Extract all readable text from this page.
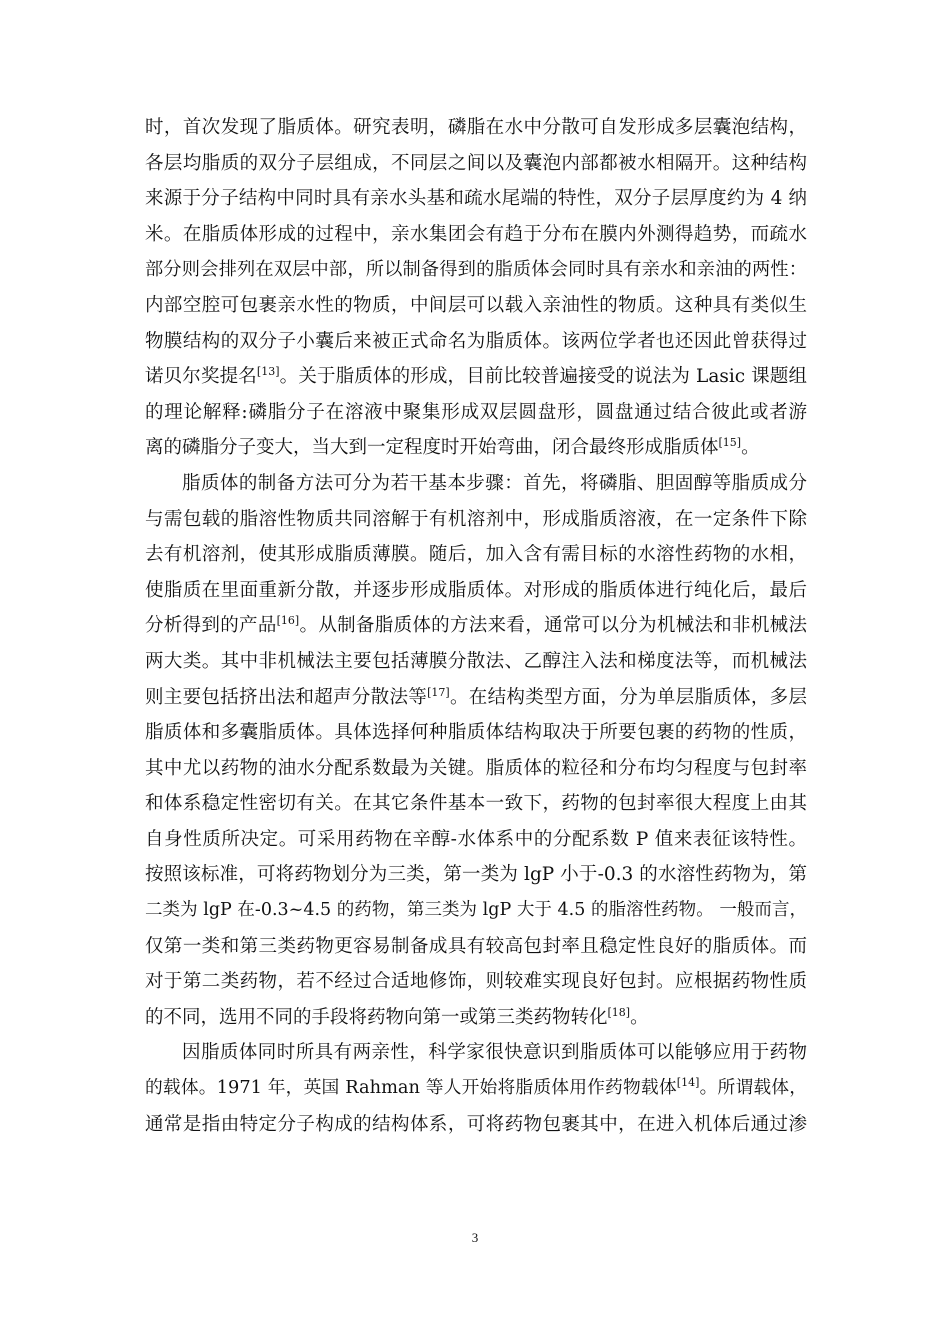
时，首次发现了脂质体。研究表明，磷脂在水中分散可自发形成多层囊泡结构，
各层均脂质的双分子层组成，不同层之间以及囊泡内部都被水相隔开。这种结构
来源于分子结构中同时具有亲水头基和疏水尾端的特性，双分子层厚度约为 4 纳
米。在脂质体形成的过程中，亲水集团会有趋于分布在膜内外测得趋势，而疏水
部分则会排列在双层中部，所以制备得到的脂质体会同时具有亲水和亲油的两性：
内部空腔可包裹亲水性的物质，中间层可以载入亲油性的物质。这种具有类似生
物膜结构的双分子小囊后来被正式命名为脂质体。该两位学者也还因此曾获得过
诺贝尔奖提名[13]。关于脂质体的形成，目前比较普遍接受的说法为 Lasic 课题组
的理论解释:磷脂分子在溶液中聚集形成双层圆盘形，圆盘通过结合彼此或者游
离的磷脂分子变大，当大到一定程度时开始弯曲，闭合最终形成脂质体[15]。
脂质体的制备方法可分为若干基本步骤：首先，将磷脂、胆固醇等脂质成分
与需包载的脂溶性物质共同溶解于有机溶剂中，形成脂质溶液，在一定条件下除
去有机溶剂，使其形成脂质薄膜。随后，加入含有需目标的水溶性药物的水相，
使脂质在里面重新分散，并逐步形成脂质体。对形成的脂质体进行纯化后，最后
分析得到的产品[16]。从制备脂质体的方法来看，通常可以分为机械法和非机械法
两大类。其中非机械法主要包括薄膜分散法、乙醇注入法和梯度法等，而机械法
则主要包括挤出法和超声分散法等[17]。在结构类型方面，分为单层脂质体，多层
脂质体和多囊脂质体。具体选择何种脂质体结构取决于所要包裹的药物的性质，
其中尤以药物的油水分配系数最为关键。脂质体的粒径和分布均匀程度与包封率
和体系稳定性密切有关。在其它条件基本一致下，药物的包封率很大程度上由其
自身性质所决定。可采用药物在辛醇-水体系中的分配系数 P 值来表征该特性。
按照该标准，可将药物划分为三类，第一类为 lgP 小于-0.3 的水溶性药物为，第
二类为 lgP 在-0.3~4.5 的药物，第三类为 lgP 大于 4.5 的脂溶性药物。 一般而言，
仅第一类和第三类药物更容易制备成具有较高包封率且稳定性良好的脂质体。而
对于第二类药物，若不经过合适地修饰，则较难实现良好包封。应根据药物性质
的不同，选用不同的手段将药物向第一或第三类药物转化[18]。
因脂质体同时所具有两亲性，科学家很快意识到脂质体可以能够应用于药物
的载体。1971 年，英国 Rahman 等人开始将脂质体用作药物载体[14]。所谓载体，
通常是指由特定分子构成的结构体系，可将药物包裹其中，在进入机体后通过渗
3
